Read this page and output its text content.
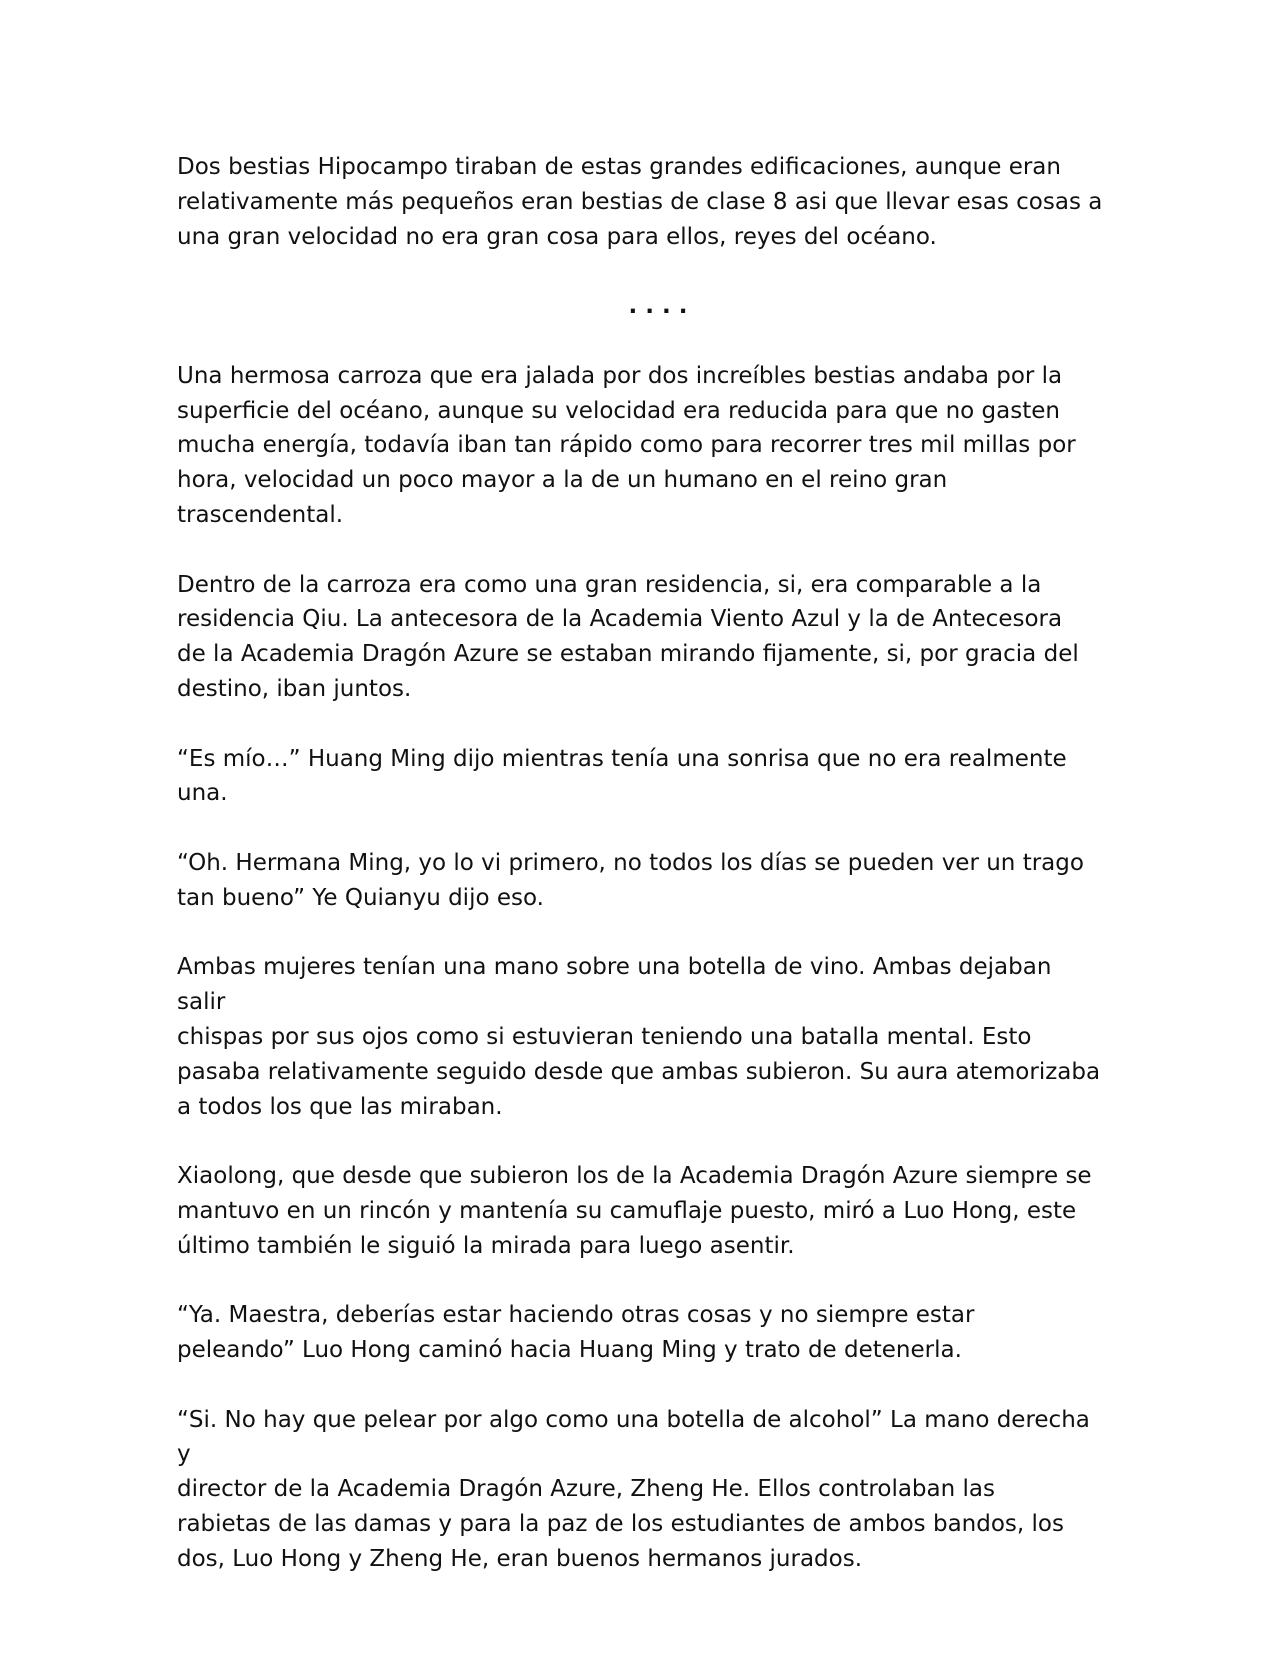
Dos bestias Hipocampo tiraban de estas grandes edificaciones, aunque eran
relativamente más pequeños eran bestias de clase 8 asi que llevar esas cosas a
una gran velocidad no era gran cosa para ellos, reyes del océano.

....

Una hermosa carroza que era jalada por dos increíbles bestias andaba por la
superficie del océano, aunque su velocidad era reducida para que no gasten
mucha energía, todavía iban tan rápido como para recorrer tres mil millas por
hora, velocidad un poco mayor a la de un humano en el reino gran trascendental.

Dentro de la carroza era como una gran residencia, si, era comparable a la
residencia Qiu. La antecesora de la Academia Viento Azul y la de Antecesora
de la Academia Dragón Azure se estaban mirando fijamente, si, por gracia del
destino, iban juntos.

“Es mío…” Huang Ming dijo mientras tenía una sonrisa que no era realmente
una.

“Oh. Hermana Ming, yo lo vi primero, no todos los días se pueden ver un trago
tan bueno” Ye Quianyu dijo eso.

Ambas mujeres tenían una mano sobre una botella de vino. Ambas dejaban salir
chispas por sus ojos como si estuvieran teniendo una batalla mental. Esto
pasaba relativamente seguido desde que ambas subieron. Su aura atemorizaba
a todos los que las miraban.

Xiaolong, que desde que subieron los de la Academia Dragón Azure siempre se
mantuvo en un rincón y mantenía su camuflaje puesto, miró a Luo Hong, este
último también le siguió la mirada para luego asentir.

“Ya. Maestra, deberías estar haciendo otras cosas y no siempre estar
peleando” Luo Hong caminó hacia Huang Ming y trato de detenerla.

“Si. No hay que pelear por algo como una botella de alcohol” La mano derecha y
director de la Academia Dragón Azure, Zheng He. Ellos controlaban las
rabietas de las damas y para la paz de los estudiantes de ambos bandos, los
dos, Luo Hong y Zheng He, eran buenos hermanos jurados.
